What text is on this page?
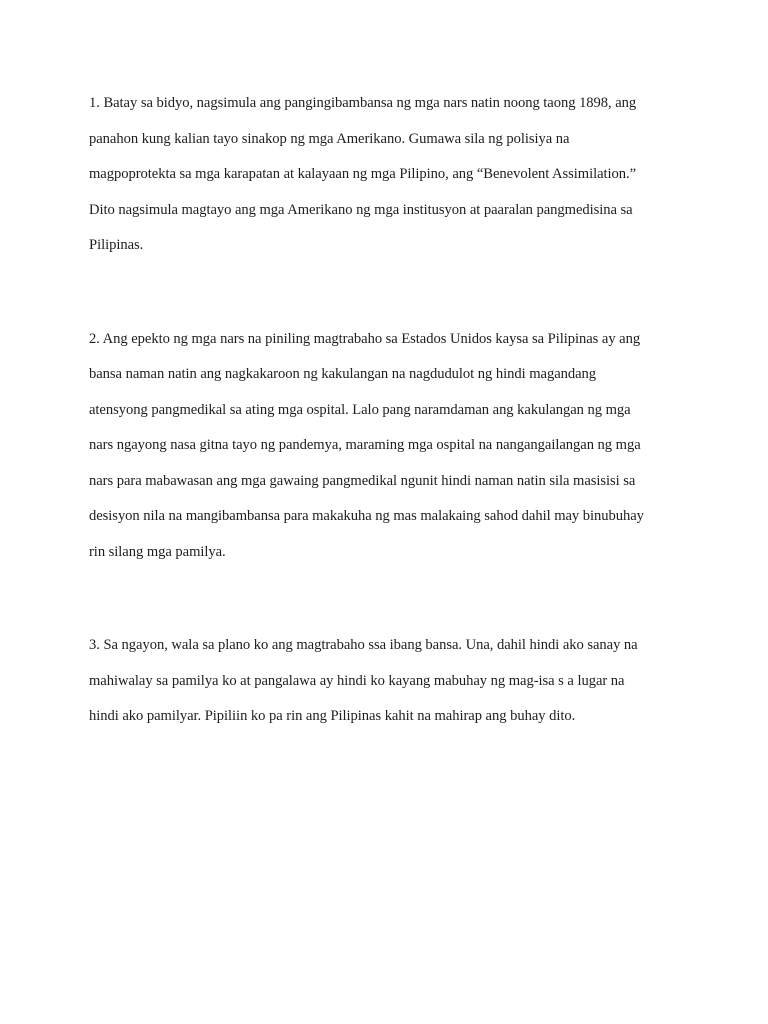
1. Batay sa bidyo, nagsimula ang pangingibambansa ng mga nars natin noong taong 1898, ang
panahon kung kalian tayo sinakop ng mga Amerikano. Gumawa sila ng polisiya na
magpoprotekta sa mga karapatan at kalayaan ng mga Pilipino, ang “Benevolent Assimilation.”
Dito nagsimula magtayo ang mga Amerikano ng mga institusyon at paaralan pangmedisina sa
Pilipinas.
2. Ang epekto ng mga nars na piniling magtrabaho sa Estados Unidos kaysa sa Pilipinas ay ang
bansa naman natin ang nagkakaroon ng kakulangan na nagdudulot ng hindi magandang
atensyong pangmedikal sa ating mga ospital. Lalo pang naramdaman ang kakulangan ng mga
nars ngayong nasa gitna tayo ng pandemya, maraming mga ospital na nangangailangan ng mga
nars para mabawasan ang mga gawaing pangmedikal ngunit hindi naman natin sila masisisi sa
desisyon nila na mangibambansa para makakuha ng mas malakaing sahod dahil may binubuhay
rin silang mga pamilya.
3. Sa ngayon, wala sa plano ko ang magtrabaho ssa ibang bansa. Una, dahil hindi ako sanay na
mahiwalay sa pamilya ko at pangalawa ay hindi ko kayang mabuhay ng mag-isa s a lugar na
hindi ako pamilyar. Pipiliin ko pa rin ang Pilipinas kahit na mahirap ang buhay dito.
